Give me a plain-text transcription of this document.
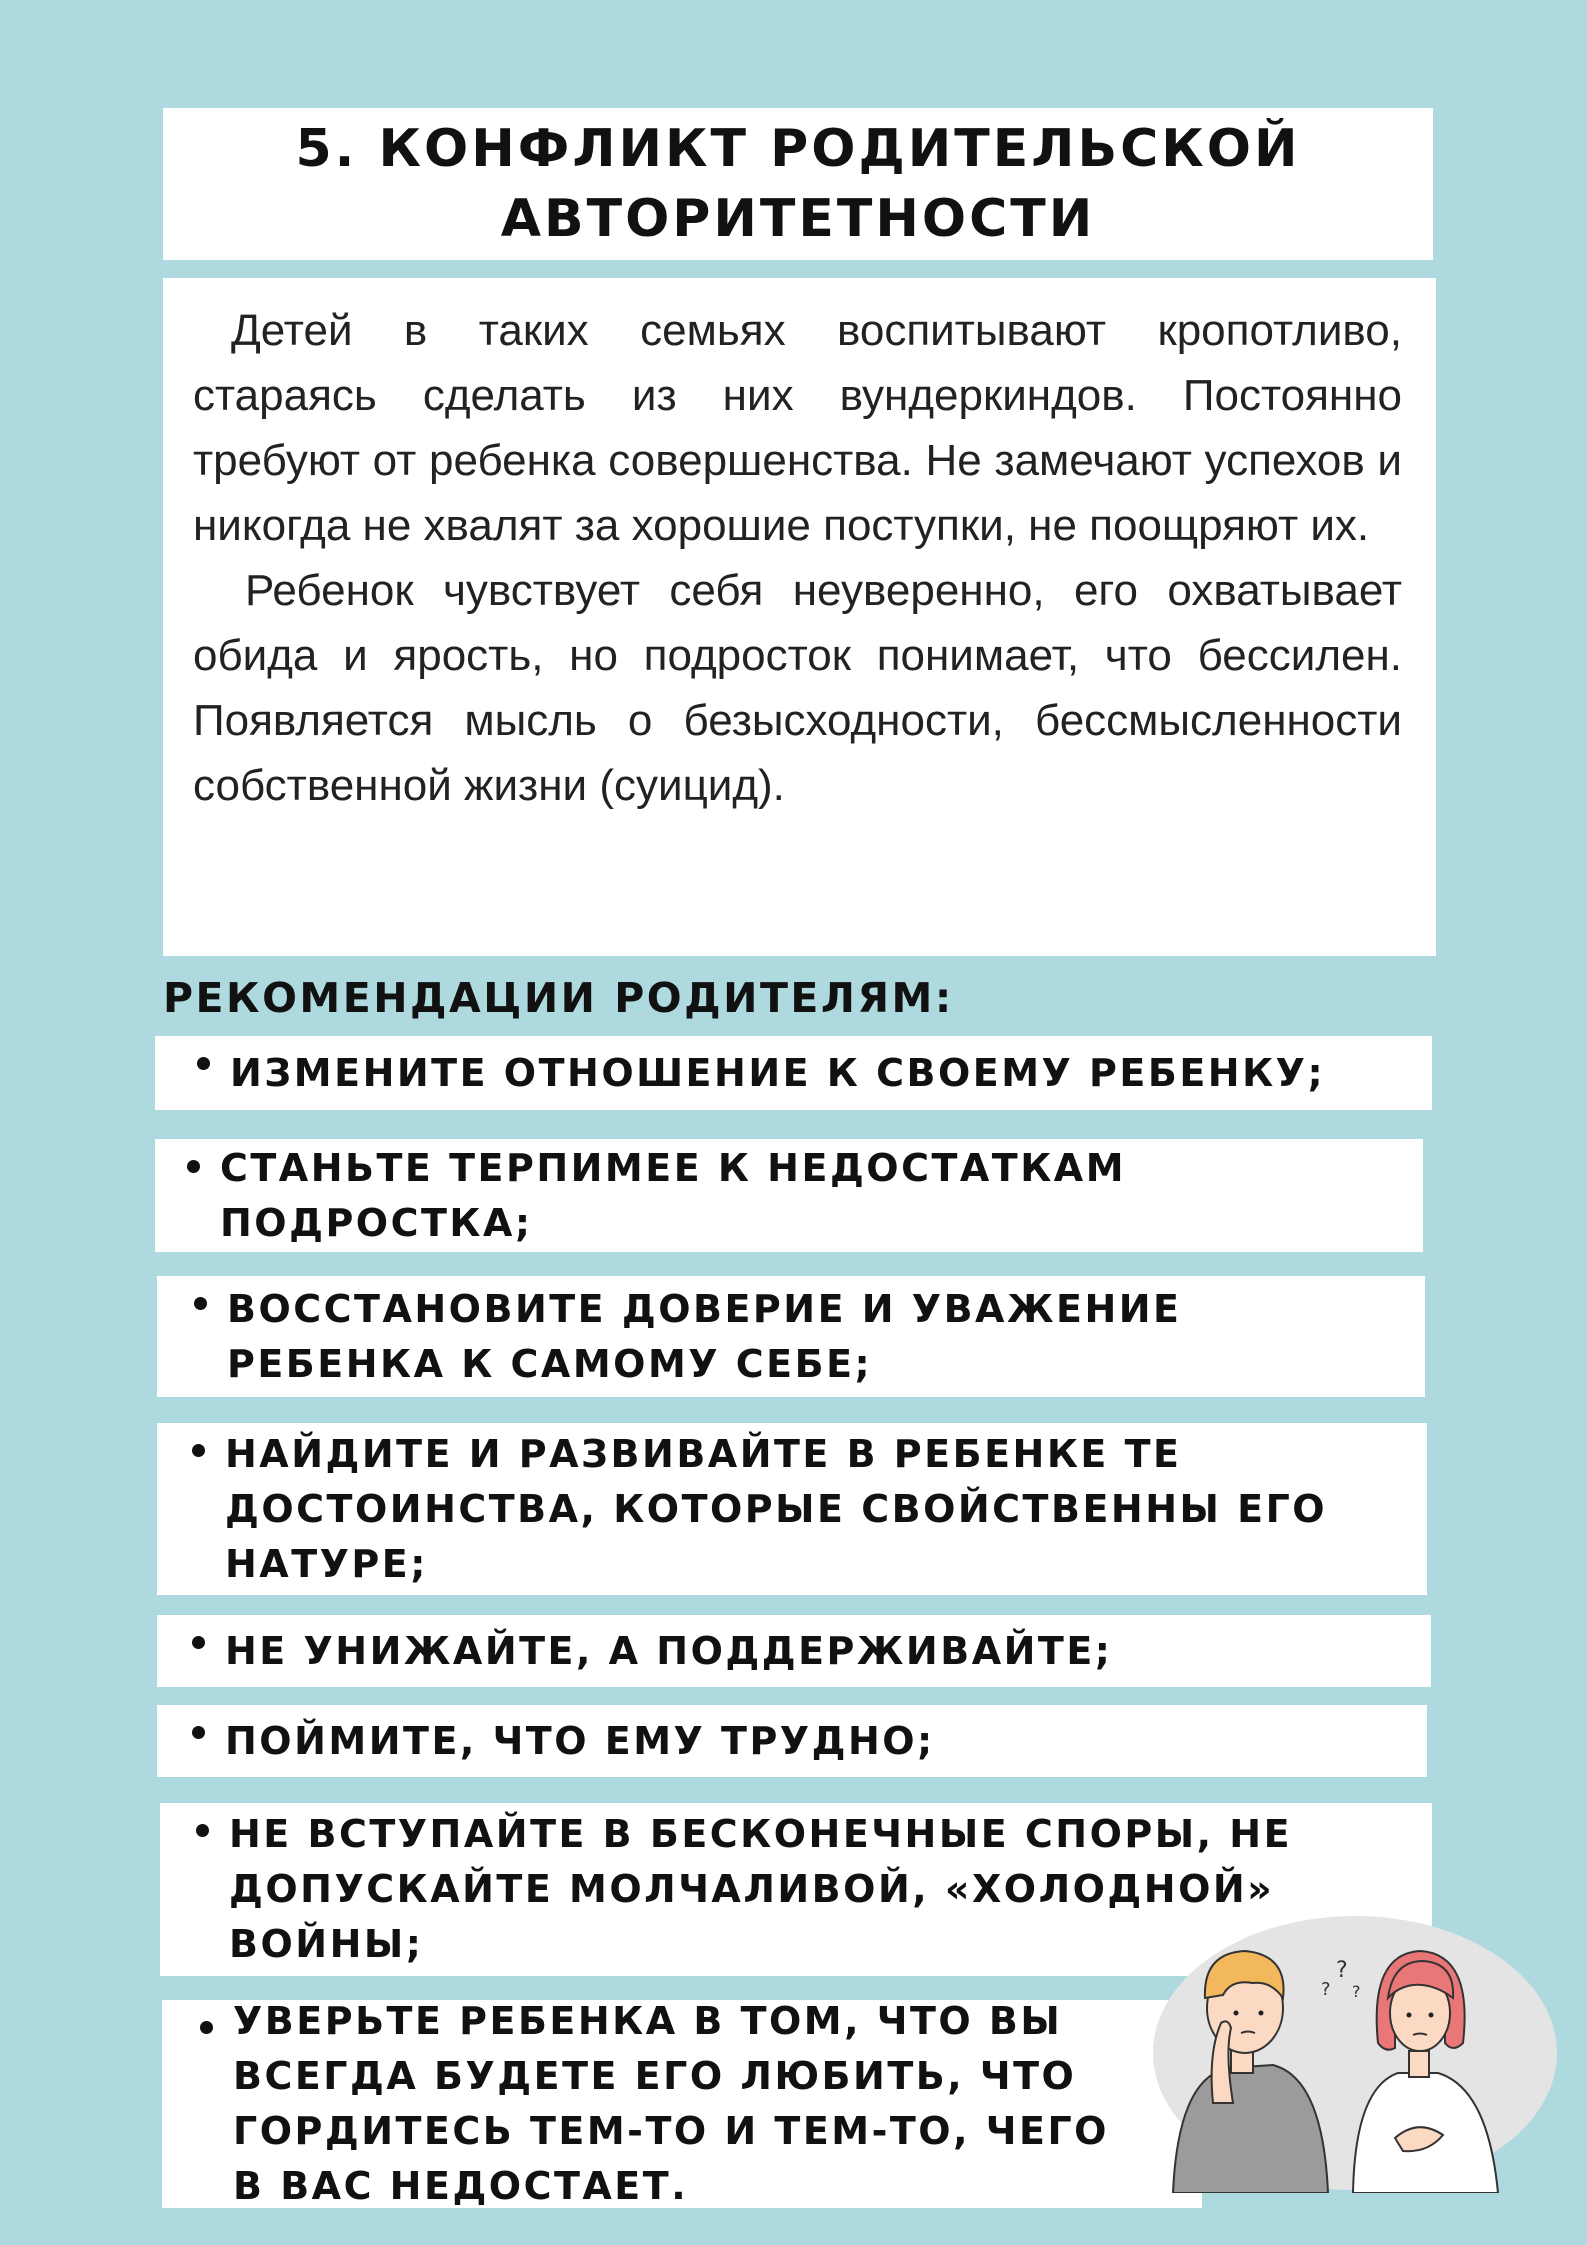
5. КОНФЛИКТ РОДИТЕЛЬСКОЙ
АВТОРИТЕТНОСТИ

Детей в таких семьях воспитывают кропотливо, стараясь сделать из них вундеркиндов. Постоянно требуют от ребенка совершенства. Не замечают успехов и никогда не хвалят за хорошие поступки, не поощряют их.

Ребенок чувствует себя неуверенно, его охватывает обида и ярость, но подросток понимает, что бессилен. Появляется мысль о безысходности, бессмысленности собственной жизни (суицид).

РЕКОМЕНДАЦИИ РОДИТЕЛЯМ:
ИЗМЕНИТЕ ОТНОШЕНИЕ К СВОЕМУ РЕБЕНКУ;
СТАНЬТЕ ТЕРПИМЕЕ К НЕДОСТАТКАМ ПОДРОСТКА;
ВОССТАНОВИТЕ ДОВЕРИЕ И УВАЖЕНИЕ РЕБЕНКА К САМОМУ СЕБЕ;
НАЙДИТЕ И РАЗВИВАЙТЕ В РЕБЕНКЕ ТЕ ДОСТОИНСТВА, КОТОРЫЕ СВОЙСТВЕННЫ ЕГО НАТУРЕ;
НЕ УНИЖАЙТЕ, А ПОДДЕРЖИВАЙТЕ;
ПОЙМИТЕ, ЧТО ЕМУ ТРУДНО;
НЕ ВСТУПАЙТЕ В БЕСКОНЕЧНЫЕ СПОРЫ, НЕ ДОПУСКАЙТЕ МОЛЧАЛИВОЙ, «ХОЛОДНОЙ» ВОЙНЫ;
УВЕРЬТЕ РЕБЕНКА В ТОМ, ЧТО ВЫ ВСЕГДА БУДЕТЕ ЕГО ЛЮБИТЬ, ЧТО ГОРДИТЕСЬ ТЕМ-ТО И ТЕМ-ТО, ЧЕГО В ВАС НЕДОСТАЕТ.
?
?
?
